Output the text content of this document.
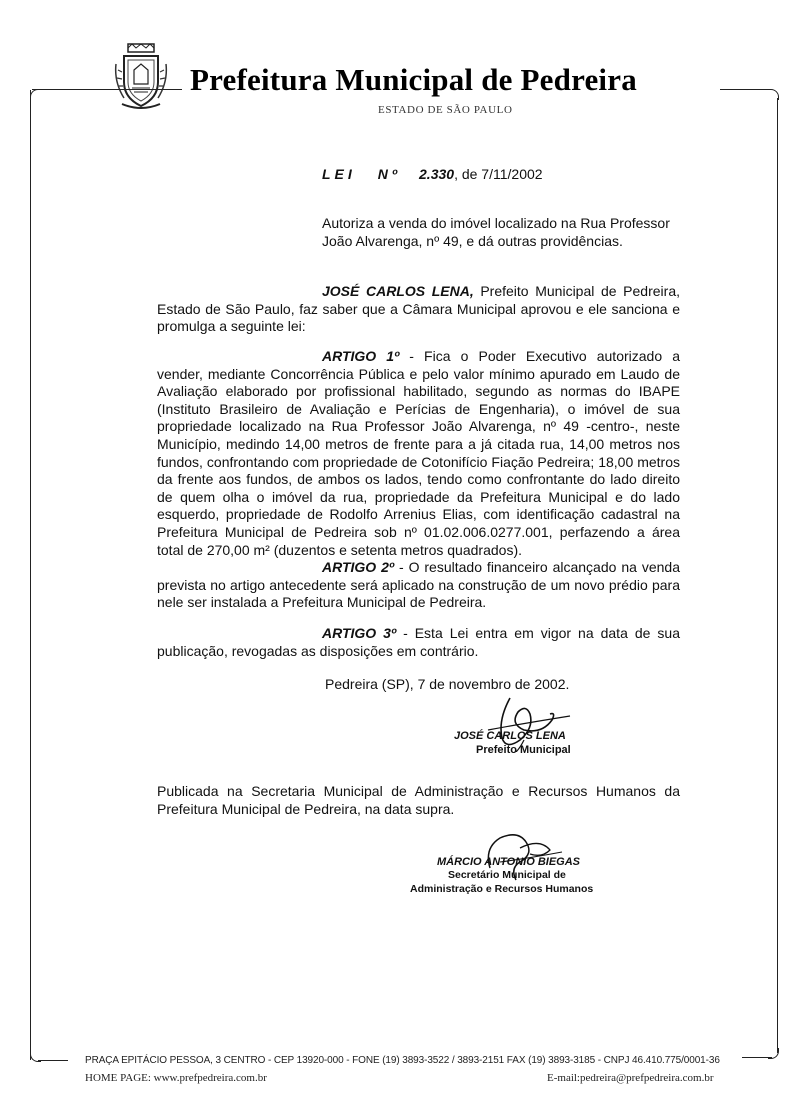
Prefeitura Municipal de Pedreira
ESTADO DE SÃO PAULO
LEI Nº 2.330, de 7/11/2002
Autoriza a venda do imóvel localizado na Rua Professor João Alvarenga, nº 49, e dá outras providências.
JOSÉ CARLOS LENA, Prefeito Municipal de Pedreira, Estado de São Paulo, faz saber que a Câmara Municipal aprovou e ele sanciona e promulga a seguinte lei:
ARTIGO 1º - Fica o Poder Executivo autorizado a vender, mediante Concorrência Pública e pelo valor mínimo apurado em Laudo de Avaliação elaborado por profissional habilitado, segundo as normas do IBAPE (Instituto Brasileiro de Avaliação e Perícias de Engenharia), o imóvel de sua propriedade localizado na Rua Professor João Alvarenga, nº 49 -centro-, neste Município, medindo 14,00 metros de frente para a já citada rua, 14,00 metros nos fundos, confrontando com propriedade de Cotonifício Fiação Pedreira; 18,00 metros da frente aos fundos, de ambos os lados, tendo como confrontante do lado direito de quem olha o imóvel da rua, propriedade da Prefeitura Municipal e do lado esquerdo, propriedade de Rodolfo Arrenius Elias, com identificação cadastral na Prefeitura Municipal de Pedreira sob nº 01.02.006.0277.001, perfazendo a área total de 270,00 m² (duzentos e setenta metros quadrados).
ARTIGO 2º - O resultado financeiro alcançado na venda prevista no artigo antecedente será aplicado na construção de um novo prédio para nele ser instalada a Prefeitura Municipal de Pedreira.
ARTIGO 3º - Esta Lei entra em vigor na data de sua publicação, revogadas as disposições em contrário.
Pedreira (SP), 7 de novembro de 2002.
JOSÉ CARLOS LENA
Prefeito Municipal
Publicada na Secretaria Municipal de Administração e Recursos Humanos da Prefeitura Municipal de Pedreira, na data supra.
MÁRCIO ANTONIO BIEGAS
Secretário Municipal de
Administração e Recursos Humanos
PRAÇA EPITÁCIO PESSOA, 3 CENTRO - CEP 13920-000 - FONE (19) 3893-3522 / 3893-2151 FAX (19) 3893-3185 - CNPJ 46.410.775/0001-36
HOME PAGE: www.prefpedreira.com.br	E-mail:pedreira@prefpedreira.com.br
